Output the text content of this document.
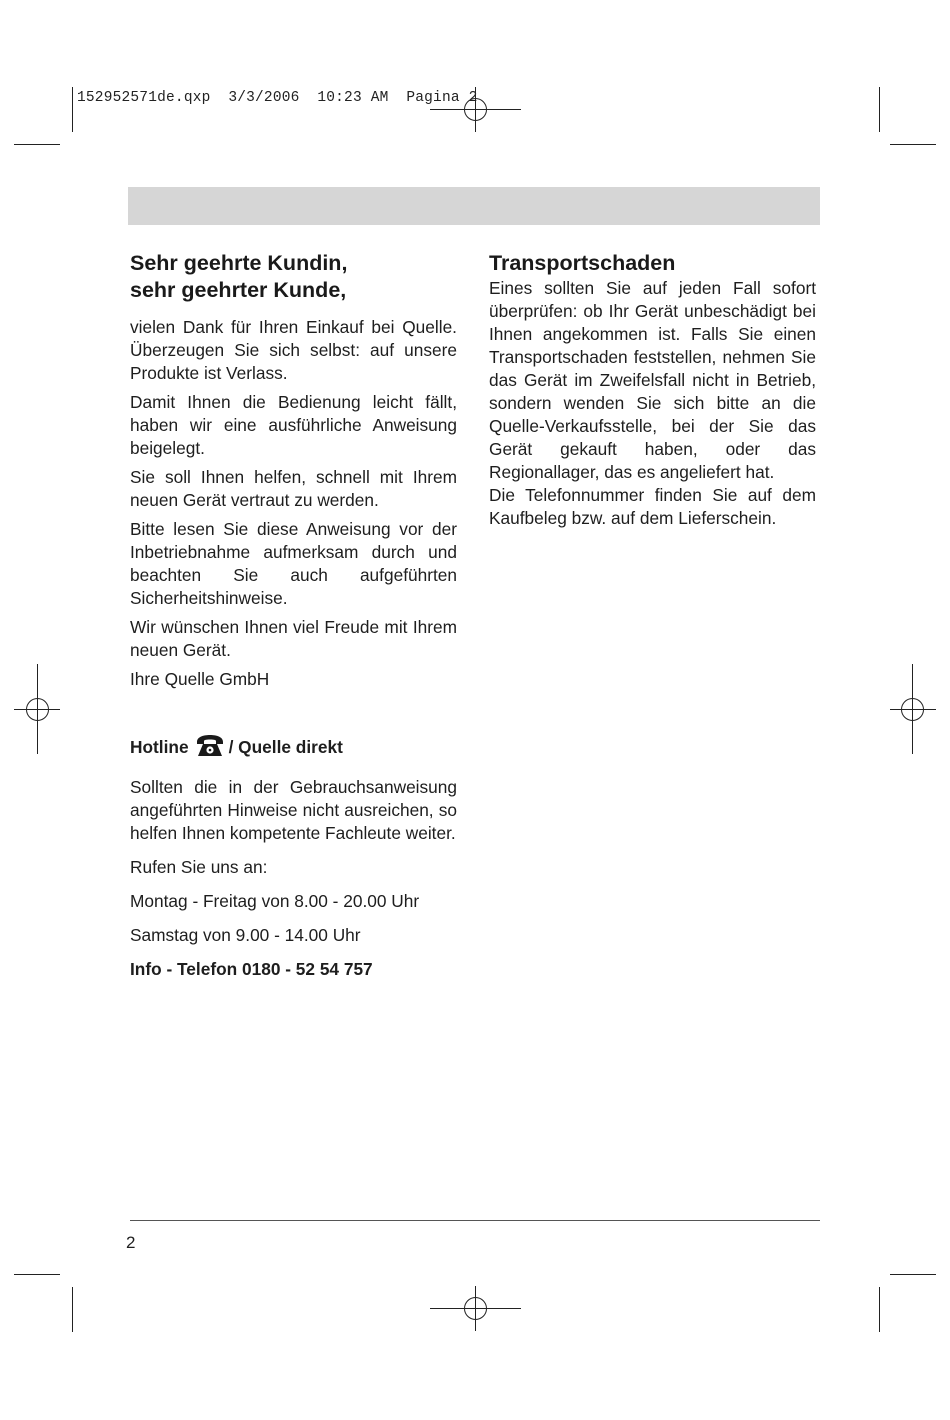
152952571de.qxp  3/3/2006  10:23 AM  Pagina 2
Sehr geehrte Kundin,
sehr geehrter Kunde,

vielen Dank für Ihren Einkauf bei Quelle. Überzeugen Sie sich selbst: auf unsere Produkte ist Verlass.

Damit Ihnen die Bedienung leicht fällt, haben wir eine ausführliche Anweisung beigelegt.

Sie soll Ihnen helfen, schnell mit Ihrem neuen Gerät vertraut zu werden.

Bitte lesen Sie diese Anweisung vor der Inbetriebnahme aufmerksam durch und beachten Sie auch aufgeführten Sicherheitshinweise.

Wir wünschen Ihnen viel Freude mit Ihrem neuen Gerät.

Ihre Quelle GmbH

Transportschaden

Eines sollten Sie auf jeden Fall sofort überprüfen: ob Ihr Gerät unbeschädigt bei Ihnen angekommen ist. Falls Sie einen Transportschaden feststellen, nehmen Sie das Gerät im Zweifelsfall nicht in Betrieb, sondern wenden Sie sich bitte an die Quelle-Verkaufsstelle, bei der Sie das Gerät gekauft haben, oder das Regionallager, das es angeliefert hat.

Die Telefonnummer finden Sie auf dem Kaufbeleg bzw. auf dem Lieferschein.

Hotline / Quelle direkt

Sollten die in der Gebrauchsanweisung angeführten Hinweise nicht ausreichen, so helfen Ihnen kompetente Fachleute weiter.

Rufen Sie uns an:

Montag - Freitag von 8.00 - 20.00 Uhr

Samstag von 9.00 - 14.00 Uhr

Info - Telefon 0180 - 52 54 757

2
